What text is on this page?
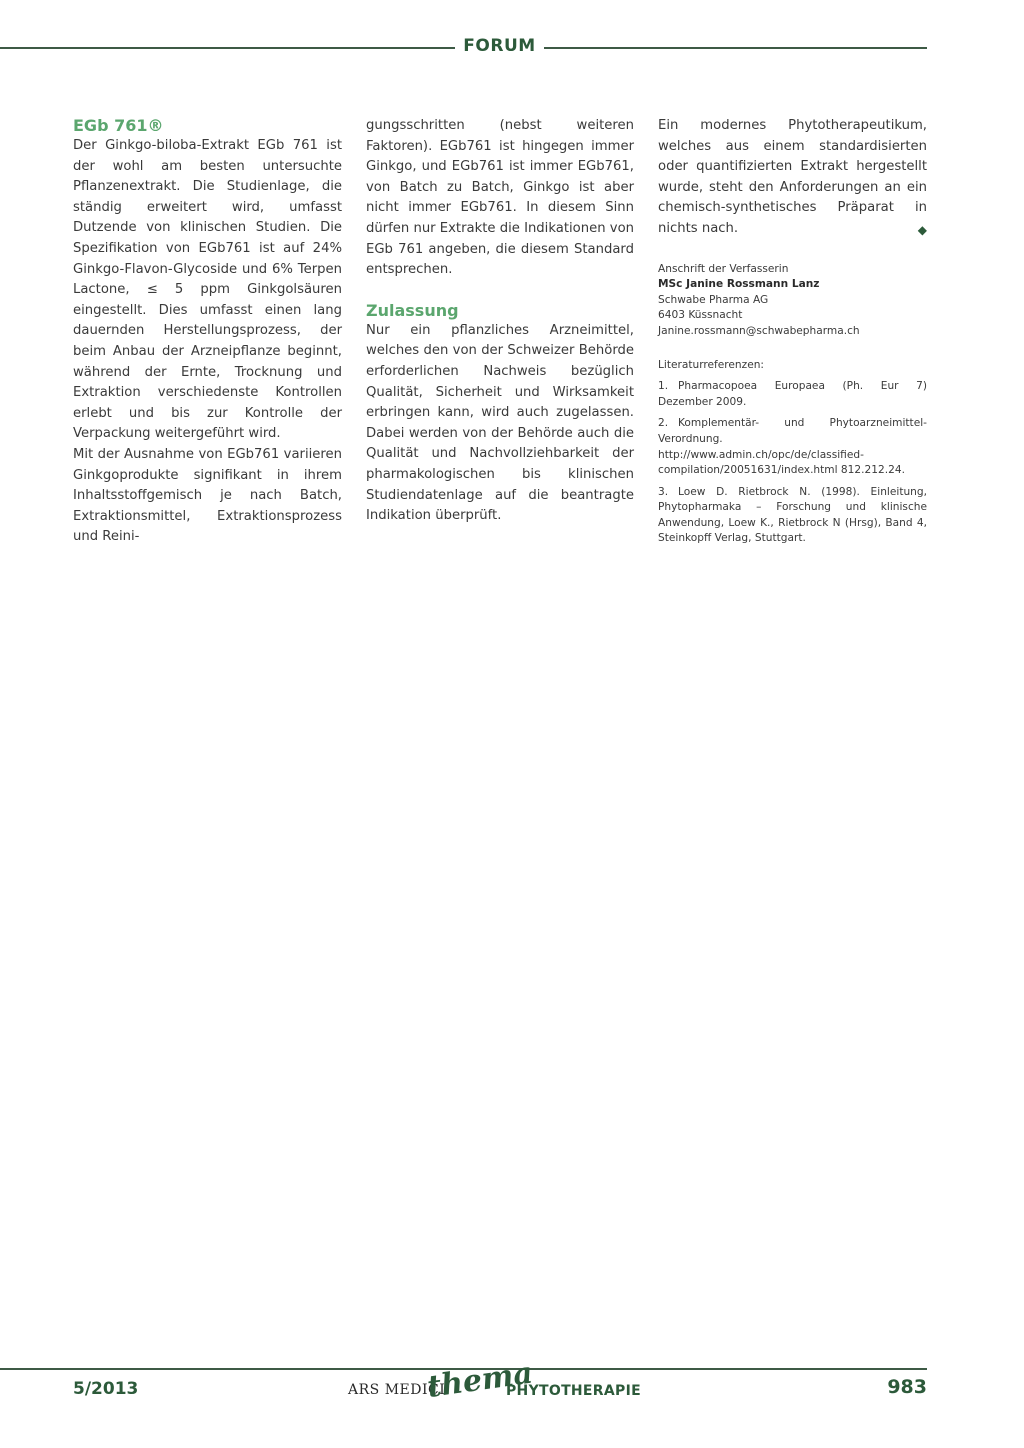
FORUM
EGb 761®

Der Ginkgo-biloba-Extrakt EGb 761 ist der wohl am besten untersuchte Pflanzenextrakt. Die Studienlage, die ständig erweitert wird, umfasst Dutzende von klinischen Studien. Die Spezifikation von EGb761 ist auf 24% Ginkgo-Flavon-Glycoside und 6% Terpen Lactone, ≤ 5 ppm Ginkgolsäuren eingestellt. Dies umfasst einen lang dauernden Herstellungsprozess, der beim Anbau der Arzneipflanze beginnt, während der Ernte, Trocknung und Extraktion verschiedenste Kontrollen erlebt und bis zur Kontrolle der Verpackung weitergeführt wird.

Mit der Ausnahme von EGb761 variieren Ginkgoprodukte signifikant in ihrem Inhaltsstoffgemisch je nach Batch, Extraktionsmittel, Extraktionsprozess und Reini-

gungsschritten (nebst weiteren Faktoren). EGb761 ist hingegen immer Ginkgo, und EGb761 ist immer EGb761, von Batch zu Batch, Ginkgo ist aber nicht immer EGb761. In diesem Sinn dürfen nur Extrakte die Indikationen von EGb 761 angeben, die diesem Standard entsprechen.

Zulassung

Nur ein pflanzliches Arzneimittel, welches den von der Schweizer Behörde erforderlichen Nachweis bezüglich Qualität, Sicherheit und Wirksamkeit erbringen kann, wird auch zugelassen. Dabei werden von der Behörde auch die Qualität und Nachvollziehbarkeit der pharmakologischen bis klinischen Studiendatenlage auf die beantragte Indikation überprüft.

Ein modernes Phytotherapeutikum, welches aus einem standardisierten oder quantifizierten Extrakt hergestellt wurde, steht den Anforderungen an ein chemisch-synthetisches Präparat in nichts nach.	◆

Anschrift der Verfasserin

MSc Janine Rossmann Lanz

Schwabe Pharma AG

6403 Küssnacht

Janine.rossmann@schwabepharma.ch

Literaturreferenzen:

1. Pharmacopoea Europaea (Ph. Eur 7) Dezember 2009.
2. Komplementär- und Phytoarzneimittel-Verordnung. http://www.admin.ch/opc/de/classified-compilation/20051631/index.html 812.212.24.
3. Loew D. Rietbrock N. (1998). Einleitung, Phytopharmaka – Forschung und klinische Anwendung, Loew K., Rietbrock N (Hrsg), Band 4, Steinkopff Verlag, Stuttgart.
5/2013	ARS MEDICI
thema
PHYTOTHERAPIE	983
